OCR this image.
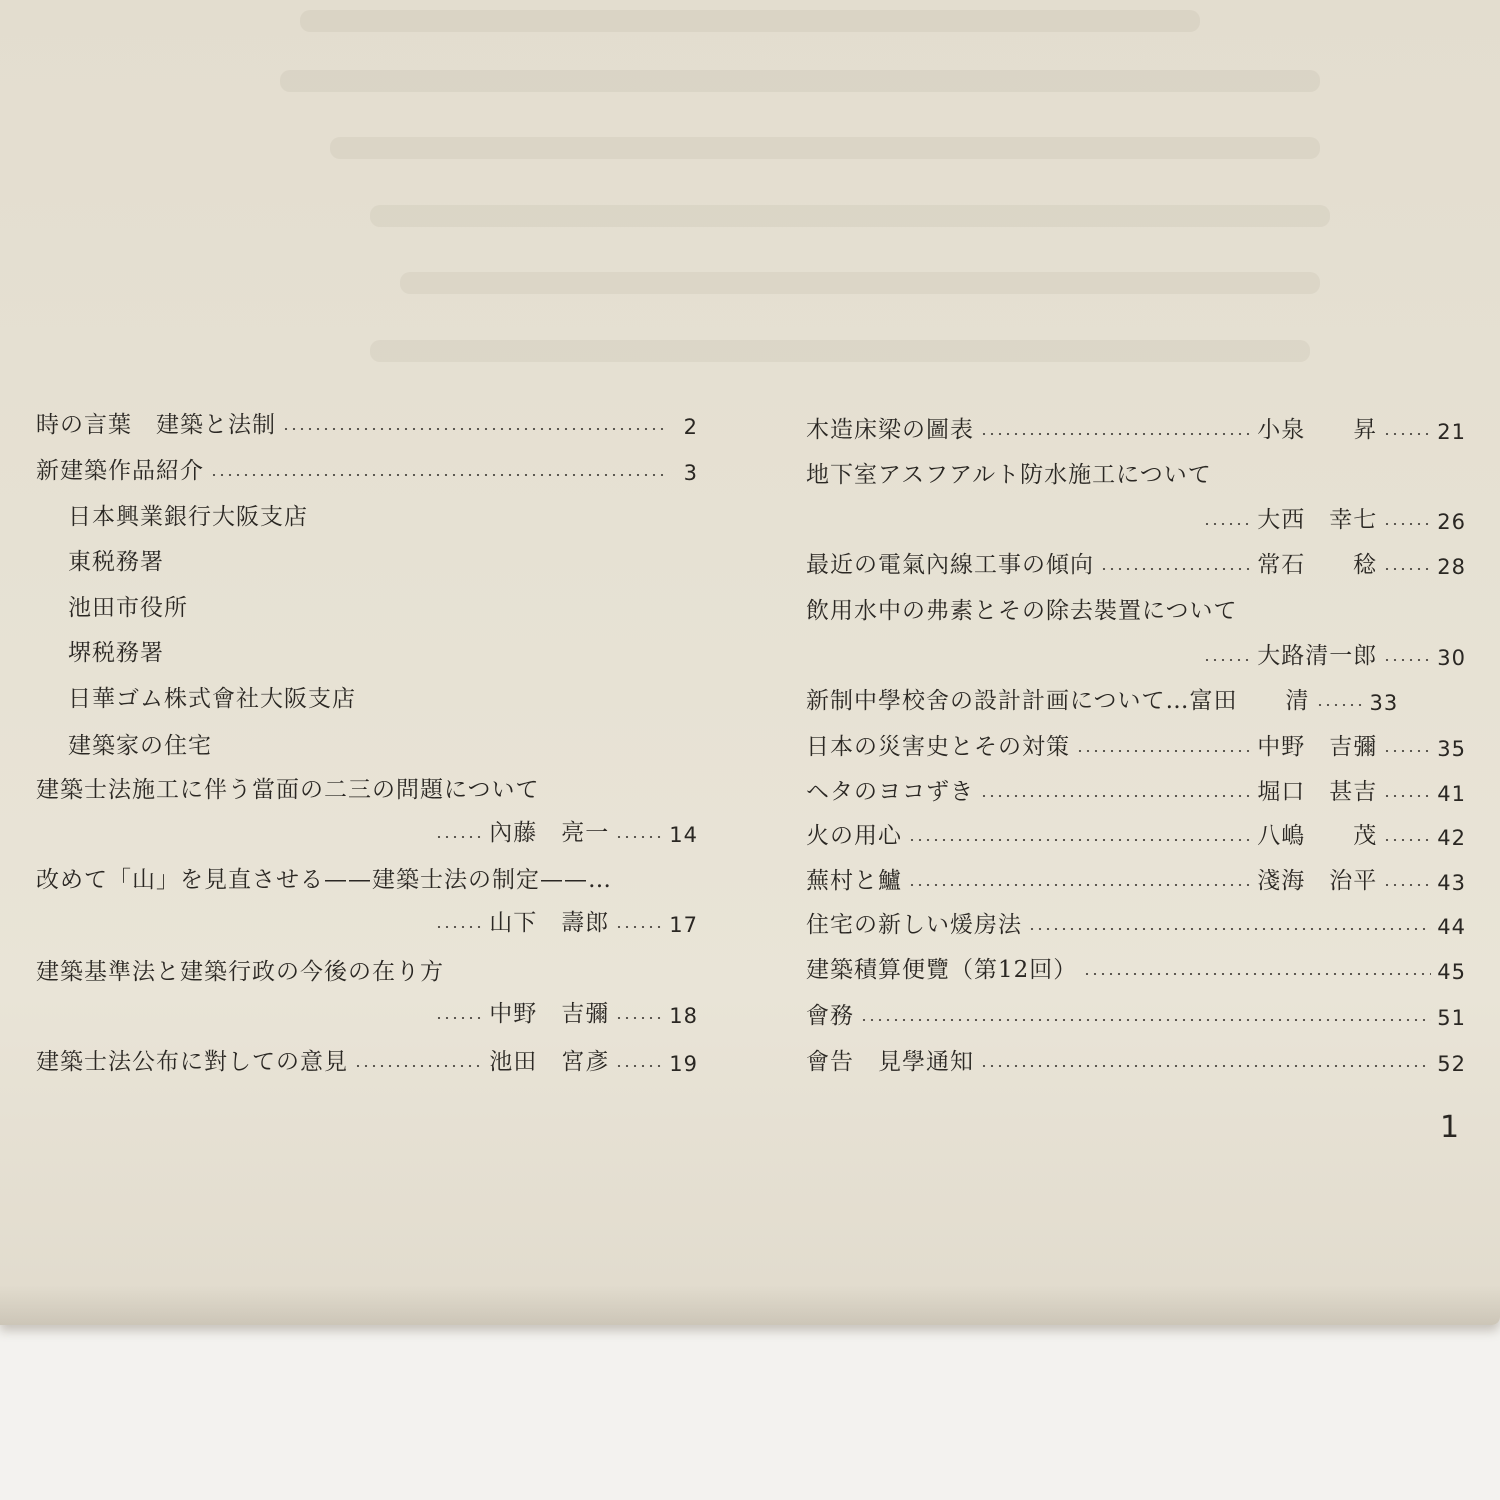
時の言葉　建築と法制	2
新建築作品紹介	3
日本興業銀行大阪支店
東税務署
池田市役所
堺税務署
日華ゴム株式會社大阪支店
建築家の住宅
建築士法施工に伴う當面の二三の問題について
內藤　亮一	14
改めて「山」を見直させる——建築士法の制定——…
山下　壽郎	17
建築基準法と建築行政の今後の在り方
中野　吉彌	18
建築士法公布に對しての意見	池田　宮彥	19
木造床梁の圖表	小泉　　昇	21
地下室アスフアルト防水施工について
大西　幸七	26
最近の電氣內線工事の傾向	常石　　稔	28
飲用水中の弗素とその除去裝置について
大路清一郎	30
新制中學校舍の設計計画について… 富田　　清	33
日本の災害史とその対策	中野　吉彌	35
ヘタのヨコずき	堀口　甚吉	41
火の用心	八嶋　　茂	42
蕪村と鱸	淺海　治平	43
住宅の新しい煖房法	44
建築積算便覽（第12回）	45
會務	51
會告　見學通知	52
1
